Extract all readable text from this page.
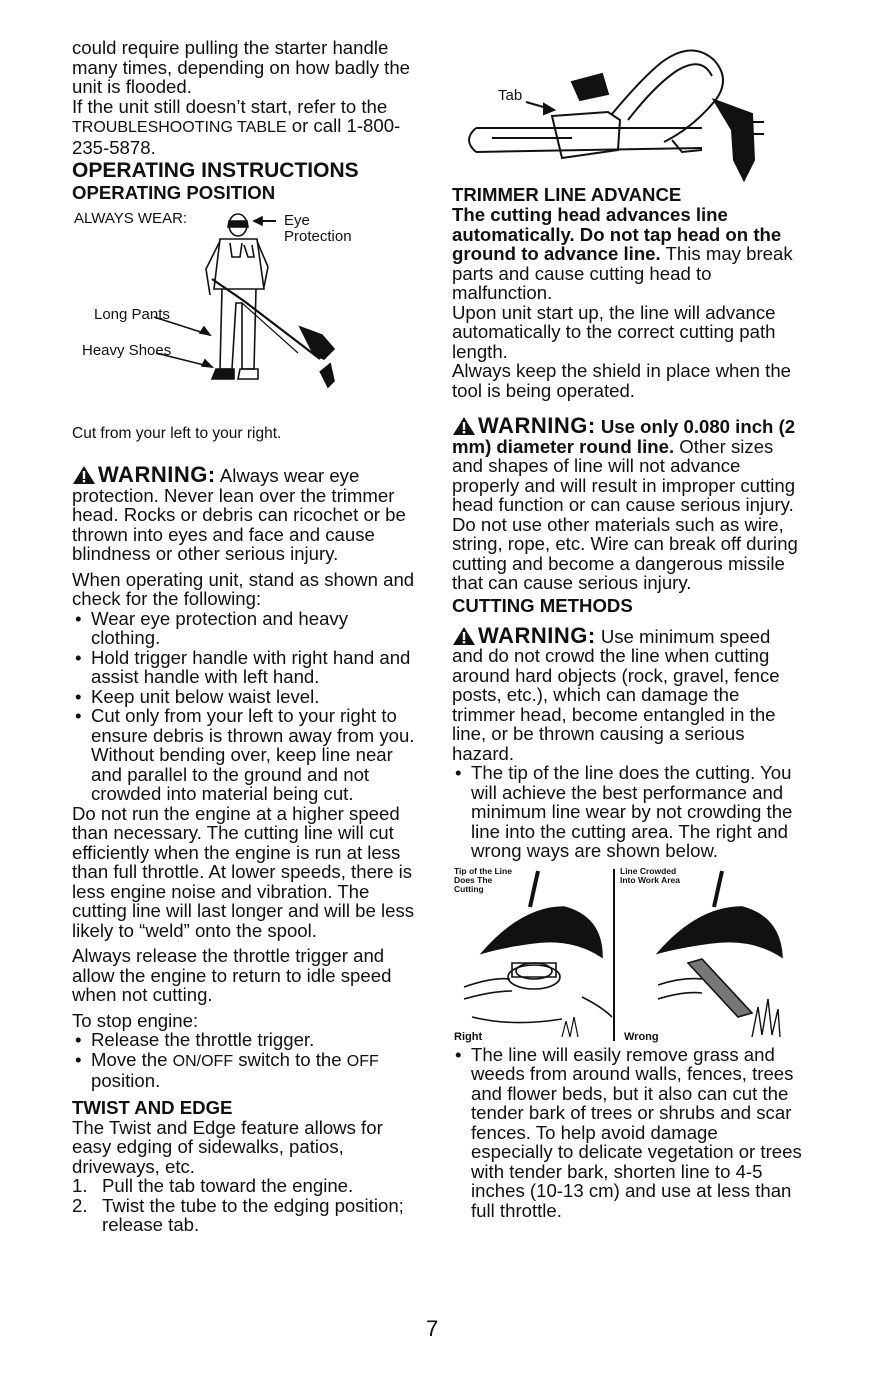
could require pulling the starter handle many times, depending on how badly the unit is flooded.

If the unit still doesn’t start, refer to the TROUBLESHOOTING TABLE or call 1-800-235-5878.

OPERATING INSTRUCTIONS
OPERATING POSITION
ALWAYS WEAR:	Eye Protection
Long Pants
Heavy Shoes

Cut from your left to your right.

WARNING: Always wear eye protection. Never lean over the trimmer head. Rocks or debris can ricochet or be thrown into eyes and face and cause blindness or other serious injury.

When operating unit, stand as shown and check for the following:

• Wear eye protection and heavy clothing.
• Hold trigger handle with right hand and assist handle with left hand.
• Keep unit below waist level.
• Cut only from your left to your right to ensure debris is thrown away from you. Without bending over, keep line near and parallel to the ground and not crowded into material being cut.

Do not run the engine at a higher speed than necessary. The cutting line will cut efficiently when the engine is run at less than full throttle. At lower speeds, there is less engine noise and vibration. The cutting line will last longer and will be less likely to “weld” onto the spool.

Always release the throttle trigger and allow the engine to return to idle speed when not cutting.

To stop engine:

• Release the throttle trigger.
• Move the ON/OFF switch to the OFF position.
TWIST AND EDGE

The Twist and Edge feature allows for easy edging of sidewalks, patios, driveways, etc.

1. Pull the tab toward the engine.
2. Twist the tube to the edging position; release tab.
Tab
TRIMMER LINE ADVANCE

The cutting head advances line automatically. Do not tap head on the ground to advance line. This may break parts and cause cutting head to malfunction.

Upon unit start up, the line will advance automatically to the correct cutting path length.

Always keep the shield in place when the tool is being operated.

WARNING: Use only 0.080 inch (2 mm) diameter round line. Other sizes and shapes of line will not advance properly and will result in improper cutting head function or can cause serious injury. Do not use other materials such as wire, string, rope, etc. Wire can break off during cutting and become a dangerous missile that can cause serious injury.
CUTTING METHODS
WARNING: Use minimum speed and do not crowd the line when cutting around hard objects (rock, gravel, fence posts, etc.), which can damage the trimmer head, become entangled in the line, or be thrown causing a serious hazard.
• The tip of the line does the cutting. You will achieve the best performance and minimum line wear by not crowding the line into the cutting area. The right and wrong ways are shown below.
Tip of the Line Does The Cutting
Line Crowded Into Work Area
Right	Wrong
• The line will easily remove grass and weeds from around walls, fences, trees and flower beds, but it also can cut the tender bark of trees or shrubs and scar fences. To help avoid damage especially to delicate vegetation or trees with tender bark, shorten line to 4-5 inches (10-13 cm) and use at less than full throttle.
7
